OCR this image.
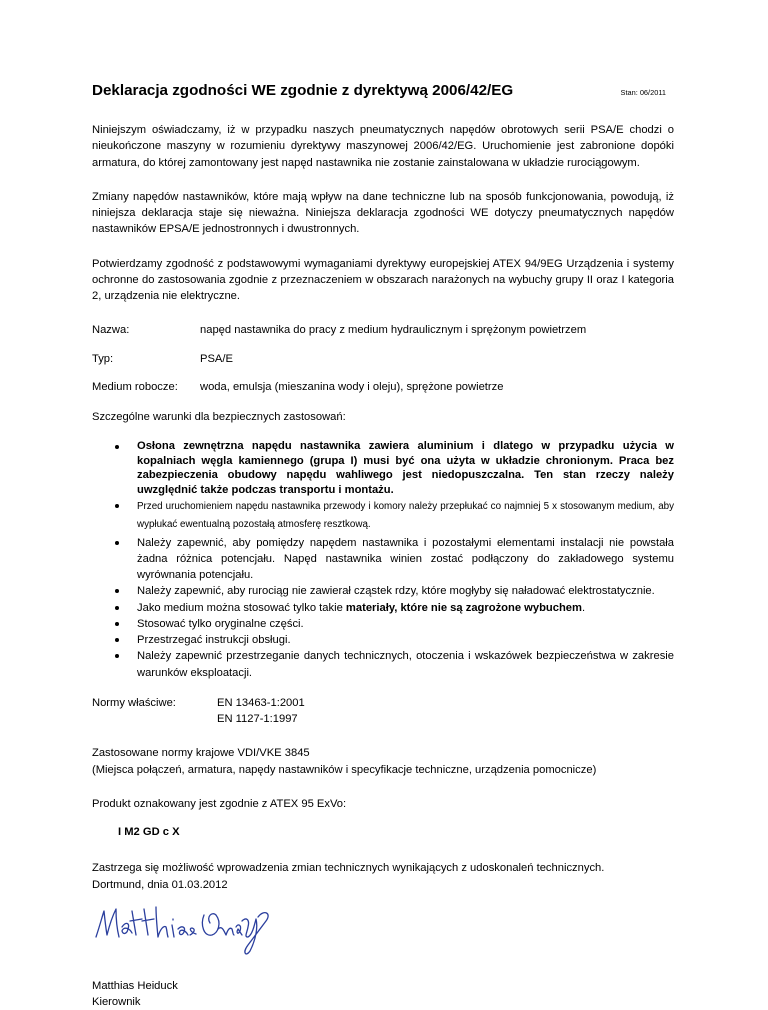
Deklaracja zgodności WE zgodnie z dyrektywą 2006/42/EG	Stan: 06/2011

Niniejszym oświadczamy, iż w przypadku naszych pneumatycznych napędów obrotowych serii PSA/E chodzi o nieukończone maszyny w rozumieniu dyrektywy maszynowej 2006/42/EG. Uruchomienie jest zabronione dopóki armatura, do której zamontowany jest napęd nastawnika nie zostanie zainstalowana w układzie rurociągowym.

Zmiany napędów nastawników, które mają wpływ na dane techniczne lub na sposób funkcjonowania, powodują, iż niniejsza deklaracja staje się nieważna. Niniejsza deklaracja zgodności WE dotyczy pneumatycznych napędów nastawników EPSA/E jednostronnych i dwustronnych.

Potwierdzamy zgodność z podstawowymi wymaganiami dyrektywy europejskiej ATEX 94/9EG Urządzenia i systemy ochronne do zastosowania zgodnie z przeznaczeniem w obszarach narażonych na wybuchy grupy II oraz I kategoria 2, urządzenia nie elektryczne.

Nazwa:	napęd nastawnika do pracy z medium hydraulicznym i sprężonym powietrzem
Typ:	PSA/E
Medium robocze:	woda, emulsja (mieszanina wody i oleju), sprężone powietrze
Szczególne warunki dla bezpiecznych zastosowań:
Osłona zewnętrzna napędu nastawnika zawiera aluminium i dlatego w przypadku użycia w kopalniach węgla kamiennego (grupa I) musi być ona użyta w układzie chronionym. Praca bez zabezpieczenia obudowy napędu wahliwego jest niedopuszczalna. Ten stan rzeczy należy uwzględnić także podczas transportu i montażu.
Przed uruchomieniem napędu nastawnika przewody i komory należy przepłukać co najmniej 5 x stosowanym medium, aby wypłukać ewentualną pozostałą atmosferę resztkową.
Należy zapewnić, aby pomiędzy napędem nastawnika i pozostałymi elementami instalacji nie powstała żadna różnica potencjału. Napęd nastawnika winien zostać podłączony do zakładowego systemu wyrównania potencjału.
Należy zapewnić, aby rurociąg nie zawierał cząstek rdzy, które mogłyby się naładować elektrostatycznie.
Jako medium można stosować tylko takie materiały, które nie są zagrożone wybuchem.
Stosować tylko oryginalne części.
Przestrzegać instrukcji obsługi.
Należy zapewnić przestrzeganie danych technicznych, otoczenia i wskazówek bezpieczeństwa w zakresie warunków eksploatacji.
Normy właściwe:	EN 13463-1:2001
EN 1127-1:1997
Zastosowane normy krajowe VDI/VKE 3845
(Miejsca połączeń, armatura, napędy nastawników i specyfikacje techniczne, urządzenia pomocnicze)
Produkt oznakowany jest zgodnie z ATEX 95 ExVo:
I M2 GD c X
Zastrzega się możliwość wprowadzenia zmian technicznych wynikających z udoskonaleń technicznych.
Dortmund, dnia 01.03.2012
Matthias Heiduck
Kierownik
